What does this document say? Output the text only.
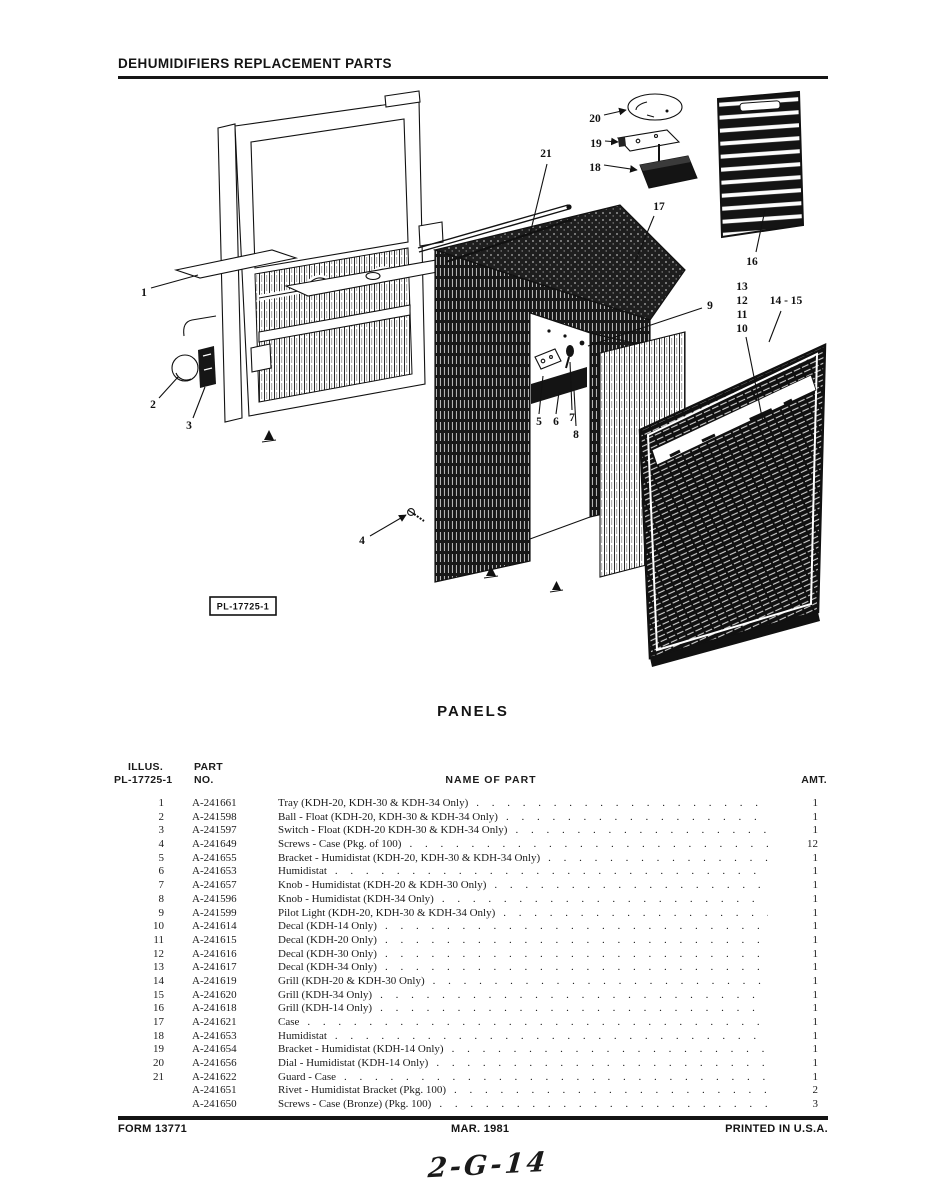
DEHUMIDIFIERS REPLACEMENT PARTS
1
2
3
4
5 6 7
8
9
13
12
11
10
14 - 15
16
17
18
19
20
21
PL-17725-1
PANELS
ILLUS.
PL-17725-1
PART
NO.	NAME OF PART	AMT.
1	A-241661	Tray (KDH-20, KDH-30 & KDH-34 Only) . . .	1
2	A-241598	Ball - Float (KDH-20, KDH-30 & KDH-34 Only) . . .	1
3	A-241597	Switch - Float (KDH-20 KDH-30 & KDH-34 Only) . . .	1
4	A-241649	Screws - Case (Pkg. of 100) . . .	12
5	A-241655	Bracket - Humidistat (KDH-20, KDH-30 & KDH-34 Only) . . .	1
6	A-241653	Humidistat . . .	1
7	A-241657	Knob - Humidistat (KDH-20 & KDH-30 Only) . . .	1
8	A-241596	Knob - Humidistat (KDH-34 Only) . . .	1
9	A-241599	Pilot Light (KDH-20, KDH-30 & KDH-34 Only) . . .	1
10	A-241614	Decal (KDH-14 Only) . . .	1
11	A-241615	Decal (KDH-20 Only) . . .	1
12	A-241616	Decal (KDH-30 Only) . . .	1
13	A-241617	Decal (KDH-34 Only) . . .	1
14	A-241619	Grill (KDH-20 & KDH-30 Only) . . .	1
15	A-241620	Grill (KDH-34 Only) . . .	1
16	A-241618	Grill (KDH-14 Only) . . .	1
17	A-241621	Case . . .	1
18	A-241653	Humidistat . . .	1
19	A-241654	Bracket - Humidistat (KDH-14 Only) . . .	1
20	A-241656	Dial - Humidistat (KDH-14 Only) . . .	1
21	A-241622	Guard - Case . . .	1
A-241651	Rivet - Humidistat Bracket (Pkg. 100) . . .	2
A-241650	Screws - Case (Bronze) (Pkg. 100) . . .	3
FORM 13771	MAR. 1981	PRINTED IN U.S.A.
2-G-14
